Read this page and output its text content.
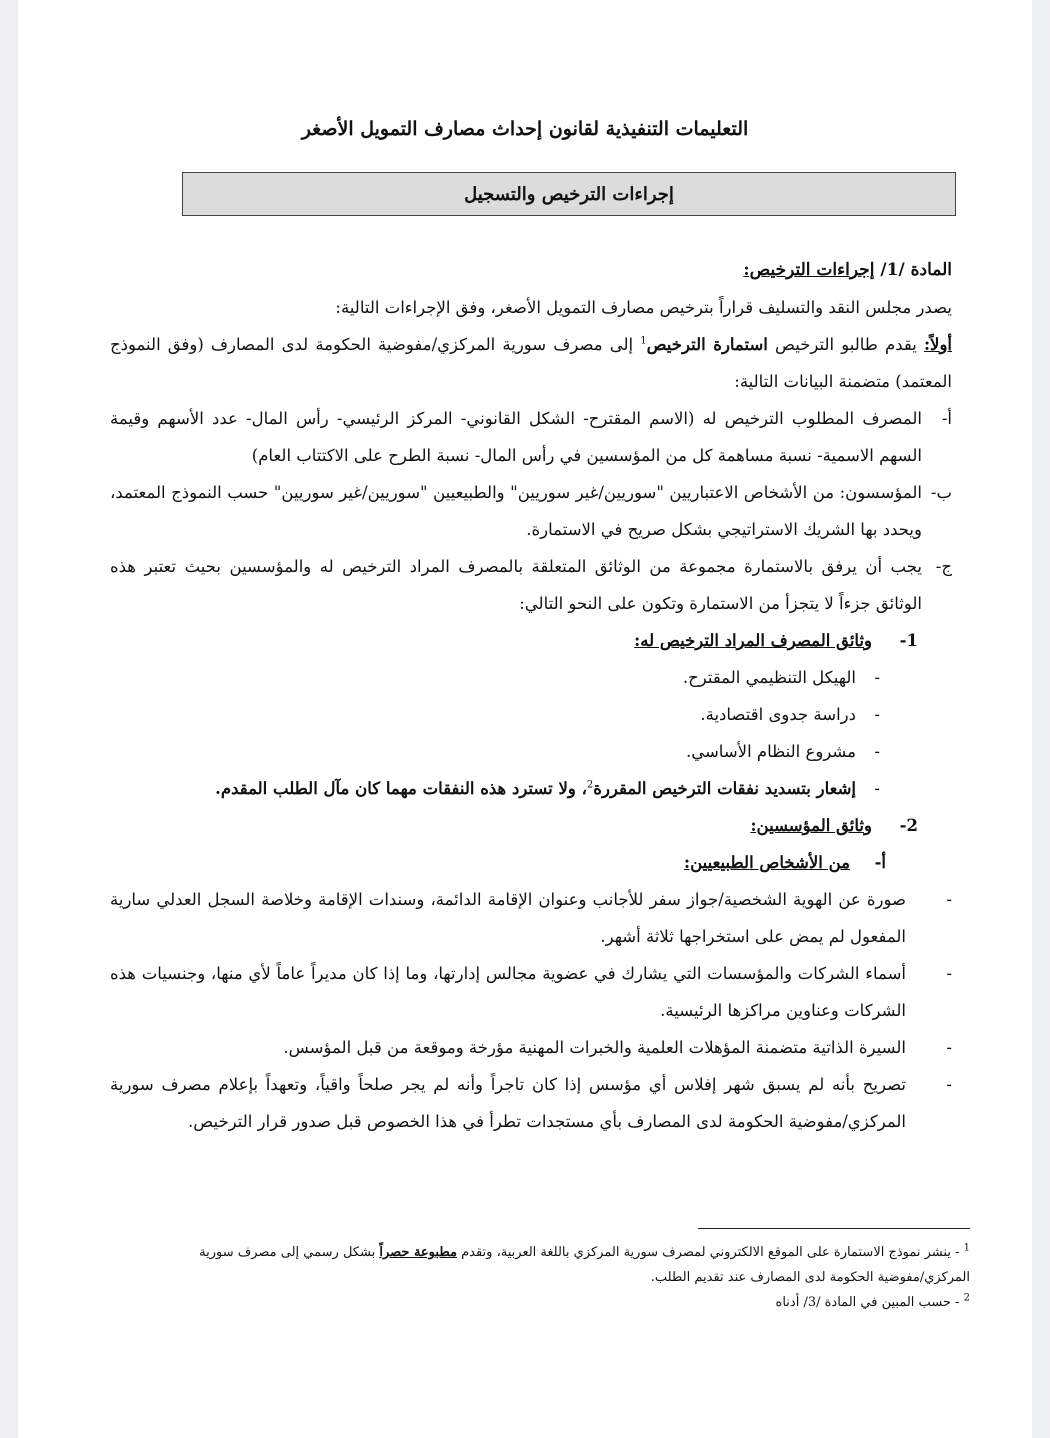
التعليمات التنفيذية لقانون إحداث مصارف التمويل الأصغر
إجراءات الترخيص والتسجيل

المادة /1/ إجراءات الترخيص:

يصدر مجلس النقد والتسليف قراراً بترخيص مصارف التمويل الأصغر، وفق الإجراءات التالية:

أولاً: يقدم طالبو الترخيص استمارة الترخيص$^1$ إلى مصرف سورية المركزي/مفوضية الحكومة لدى المصارف (وفق النموذج المعتمد) متضمنة البيانات التالية:

أ-
المصرف المطلوب الترخيص له (الاسم المقترح- الشكل القانوني- المركز الرئيسي- رأس المال- عدد الأسهم وقيمة السهم الاسمية- نسبة مساهمة كل من المؤسسين في رأس المال- نسبة الطرح على الاكتتاب العام)
ب-
المؤسسون: من الأشخاص الاعتباريين "سوريين/غير سوريين" والطبيعيين "سوريين/غير سوريين" حسب النموذج المعتمد، ويحدد بها الشريك الاستراتيجي بشكل صريح في الاستمارة.
ج-
يجب أن يرفق بالاستمارة مجموعة من الوثائق المتعلقة بالمصرف المراد الترخيص له والمؤسسين بحيث تعتبر هذه الوثائق جزءاً لا يتجزأ من الاستمارة وتكون على النحو التالي:
1-
وثائق المصرف المراد الترخيص له:
-
الهيكل التنظيمي المقترح.
-
دراسة جدوى اقتصادية.
-
مشروع النظام الأساسي.
-
إشعار بتسديد نفقات الترخيص المقررة$^2$، ولا تسترد هذه النفقات مهما كان مآل الطلب المقدم.
2-
وثائق المؤسسين:
أ-
من الأشخاص الطبيعيين:
-
صورة عن الهوية الشخصية/جواز سفر للأجانب وعنوان الإقامة الدائمة، وسندات الإقامة وخلاصة السجل العدلي سارية المفعول لم يمض على استخراجها ثلاثة أشهر.
-
أسماء الشركات والمؤسسات التي يشارك في عضوية مجالس إدارتها، وما إذا كان مديراً عاماً لأي منها، وجنسيات هذه الشركات وعناوين مراكزها الرئيسية.
-
السيرة الذاتية متضمنة المؤهلات العلمية والخبرات المهنية مؤرخة وموقعة من قبل المؤسس.
-
تصريح بأنه لم يسبق شهر إفلاس أي مؤسس إذا كان تاجراً وأنه لم يجر صلحاً واقياً، وتعهداً بإعلام مصرف سورية المركزي/مفوضية الحكومة لدى المصارف بأي مستجدات تطرأ في هذا الخصوص قبل صدور قرار الترخيص.

$^1$ - ينشر نموذج الاستمارة على الموقع الالكتروني لمصرف سورية المركزي باللغة العربية، وتقدم مطبوعة حصراً بشكل رسمي إلى مصرف سورية المركزي/مفوضية الحكومة لدى المصارف عند تقديم الطلب.

$^2$ - حسب المبين في المادة /3/ أدناه
